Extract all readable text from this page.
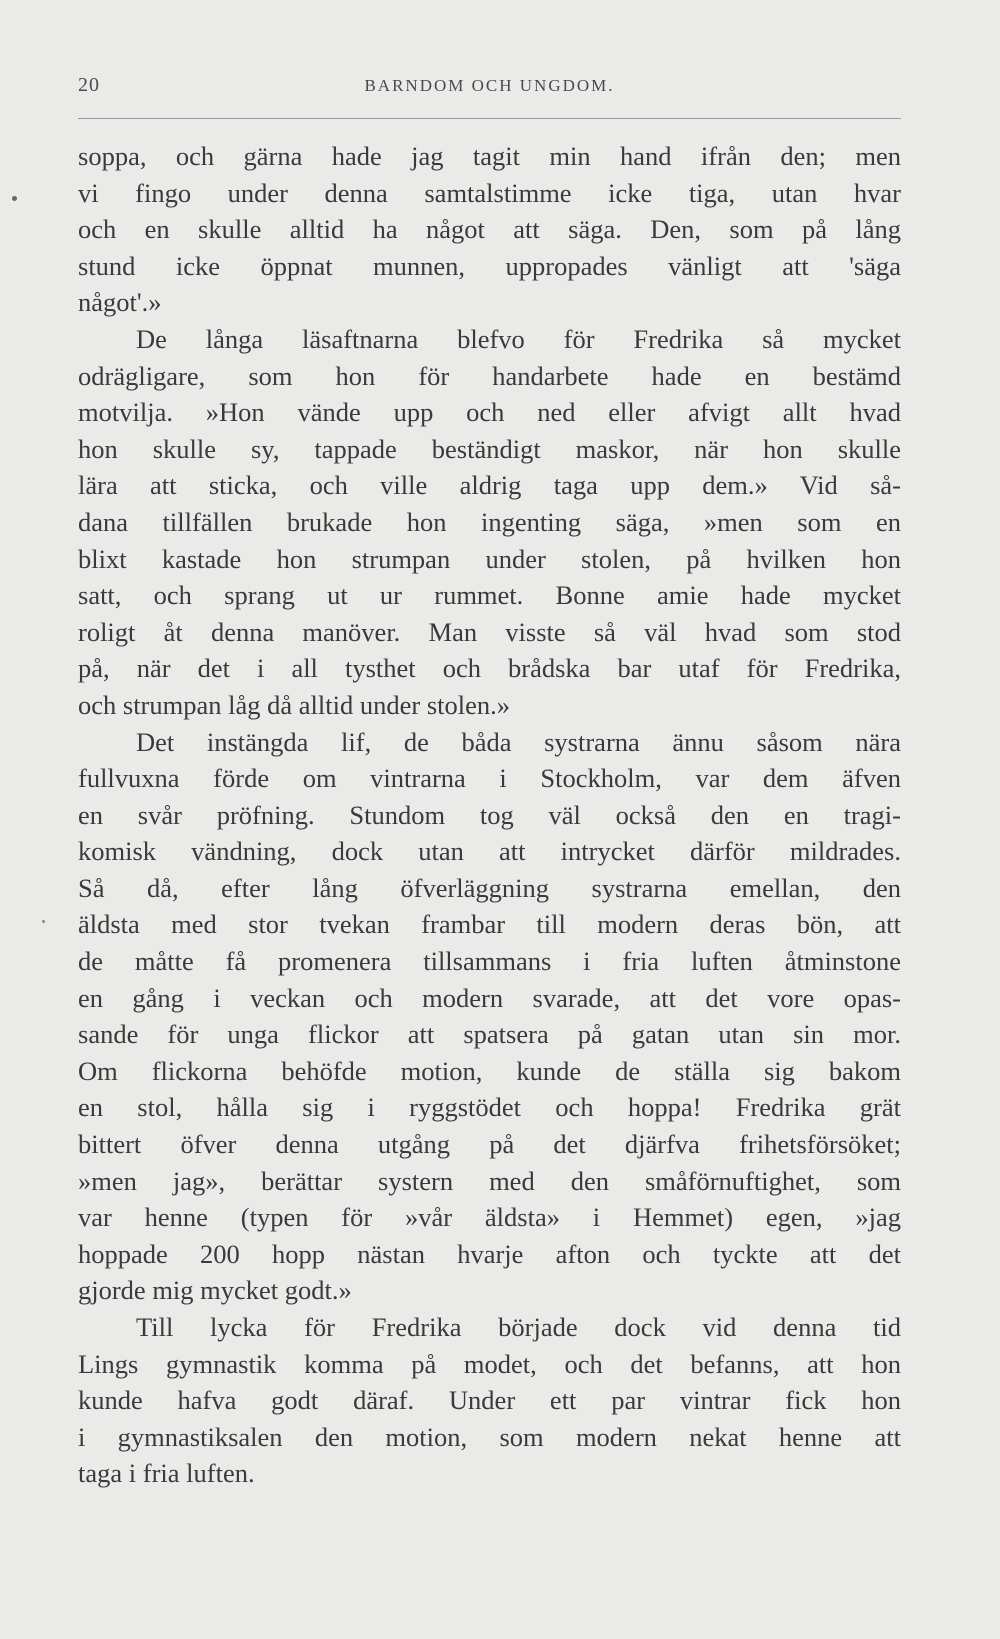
20	BARNDOM OCH UNGDOM.
soppa, och gärna hade jag tagit min hand ifrån den; men
vi fingo under denna samtalstimme icke tiga, utan hvar
och en skulle alltid ha något att säga. Den, som på lång
stund icke öppnat munnen, uppropades vänligt att 'säga
något'.»
De långa läsaftnarna blefvo för Fredrika så mycket
odrägligare, som hon för handarbete hade en bestämd
motvilja. »Hon vände upp och ned eller afvigt allt hvad
hon skulle sy, tappade beständigt maskor, när hon skulle
lära att sticka, och ville aldrig taga upp dem.» Vid så-
dana tillfällen brukade hon ingenting säga, »men som en
blixt kastade hon strumpan under stolen, på hvilken hon
satt, och sprang ut ur rummet. Bonne amie hade mycket
roligt åt denna manöver. Man visste så väl hvad som stod
på, när det i all tysthet och brådska bar utaf för Fredrika,
och strumpan låg då alltid under stolen.»
Det instängda lif, de båda systrarna ännu såsom nära
fullvuxna förde om vintrarna i Stockholm, var dem äfven
en svår pröfning. Stundom tog väl också den en tragi-
komisk vändning, dock utan att intrycket därför mildrades.
Så då, efter lång öfverläggning systrarna emellan, den
äldsta med stor tvekan frambar till modern deras bön, att
de måtte få promenera tillsammans i fria luften åtminstone
en gång i veckan och modern svarade, att det vore opas-
sande för unga flickor att spatsera på gatan utan sin mor.
Om flickorna behöfde motion, kunde de ställa sig bakom
en stol, hålla sig i ryggstödet och hoppa! Fredrika grät
bittert öfver denna utgång på det djärfva frihetsförsöket;
»men jag», berättar systern med den småförnuftighet, som
var henne (typen för »vår äldsta» i Hemmet) egen, »jag
hoppade 200 hopp nästan hvarje afton och tyckte att det
gjorde mig mycket godt.»
Till lycka för Fredrika började dock vid denna tid
Lings gymnastik komma på modet, och det befanns, att hon
kunde hafva godt däraf. Under ett par vintrar fick hon
i gymnastiksalen den motion, som modern nekat henne att
taga i fria luften.
